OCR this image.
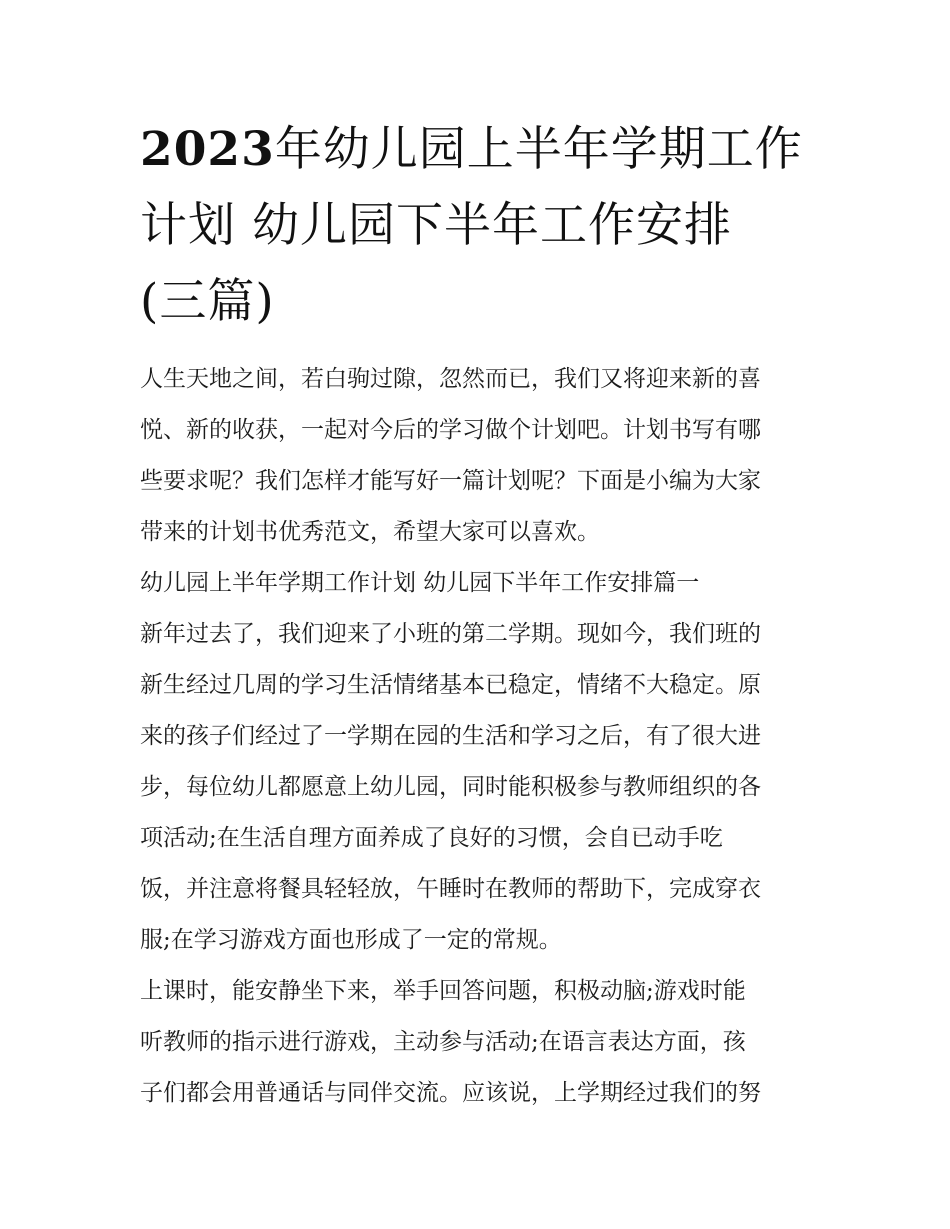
2023年幼儿园上半年学期工作
计划 幼儿园下半年工作安排
(三篇)

人生天地之间，若白驹过隙，忽然而已，我们又将迎来新的喜
悦、新的收获，一起对今后的学习做个计划吧。计划书写有哪
些要求呢？我们怎样才能写好一篇计划呢？下面是小编为大家
带来的计划书优秀范文，希望大家可以喜欢。

幼儿园上半年学期工作计划 幼儿园下半年工作安排篇一

新年过去了，我们迎来了小班的第二学期。现如今，我们班的
新生经过几周的学习生活情绪基本已稳定，情绪不大稳定。原
来的孩子们经过了一学期在园的生活和学习之后，有了很大进
步，每位幼儿都愿意上幼儿园，同时能积极参与教师组织的各
项活动;在生活自理方面养成了良好的习惯，会自已动手吃
饭，并注意将餐具轻轻放，午睡时在教师的帮助下，完成穿衣
服;在学习游戏方面也形成了一定的常规。

上课时，能安静坐下来，举手回答问题，积极动脑;游戏时能
听教师的指示进行游戏，主动参与活动;在语言表达方面，孩
子们都会用普通话与同伴交流。应该说，上学期经过我们的努
